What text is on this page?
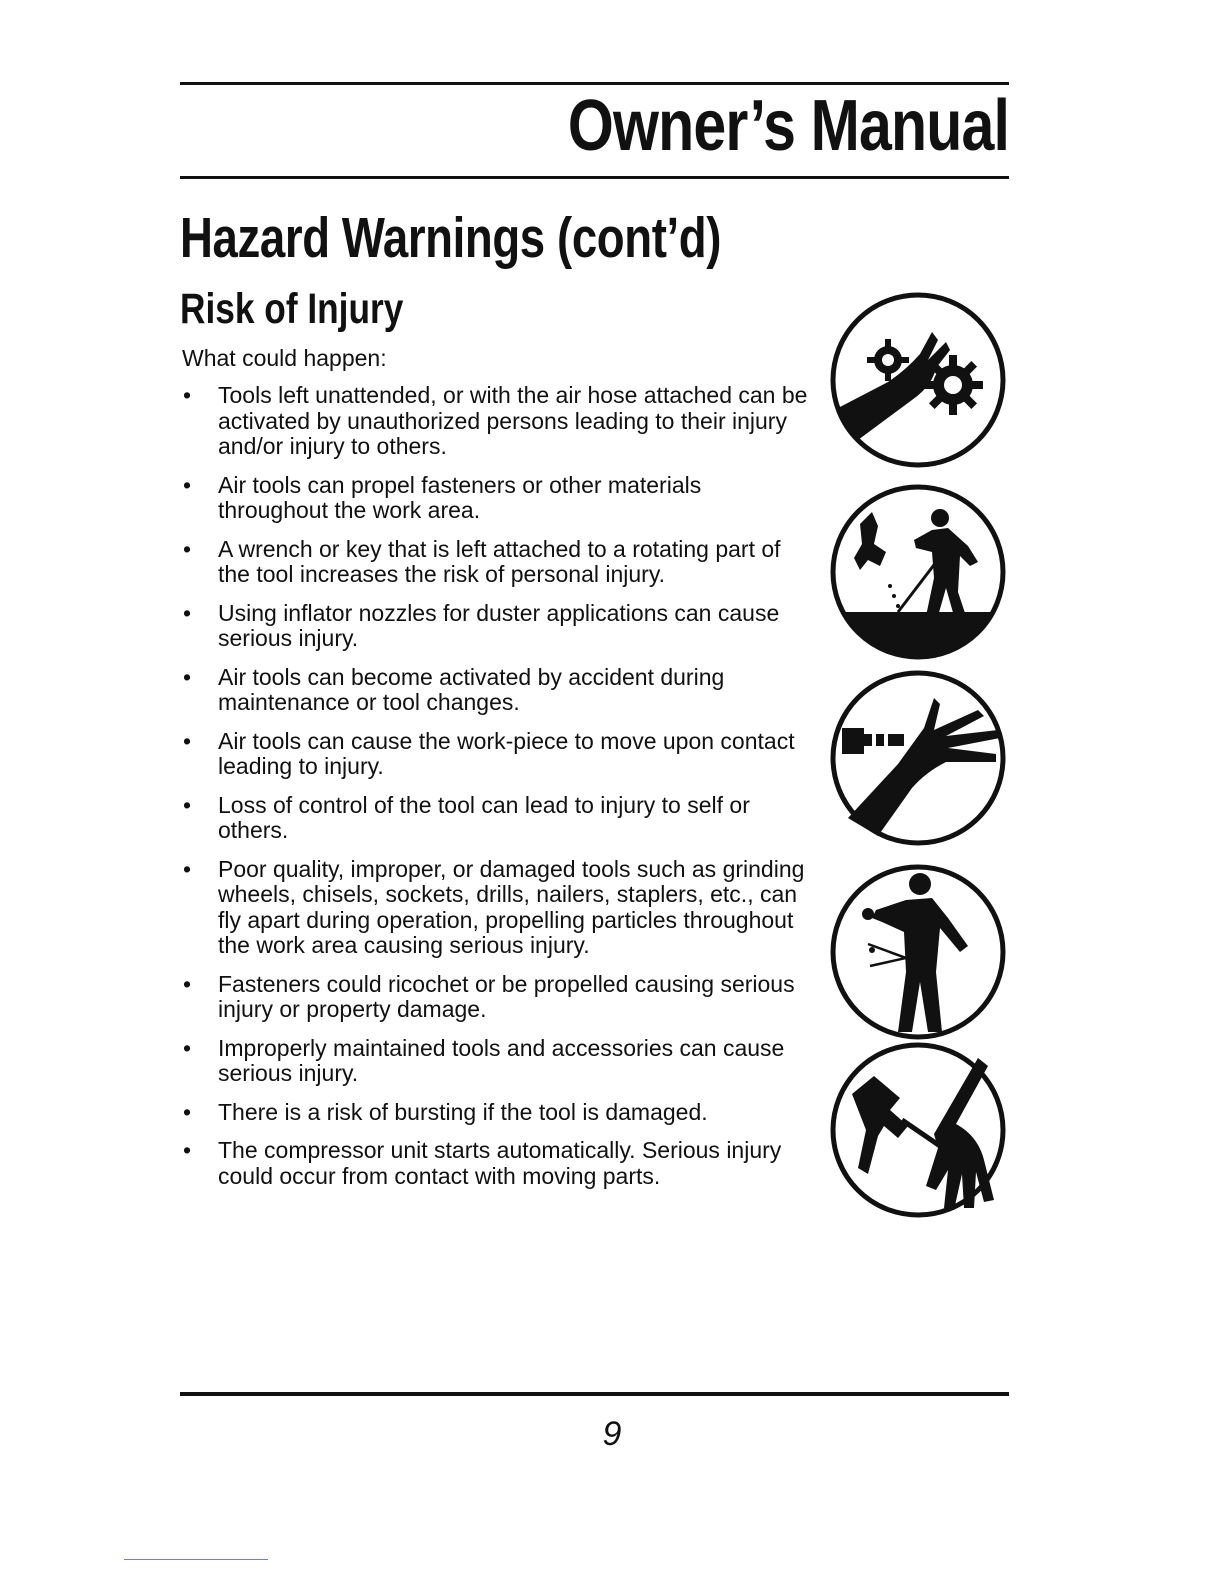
Owner’s Manual
Hazard Warnings (cont’d)
Risk of Injury
What could happen:
• Tools left unattended, or with the air hose attached can be activated by unauthorized persons leading to their injury and/or injury to others.
• Air tools can propel fasteners or other materials throughout the work area.
• A wrench or key that is left attached to a rotating part of the tool increases the risk of personal injury.
• Using inflator nozzles for duster applications can cause serious injury.
• Air tools can become activated by accident during maintenance or tool changes.
• Air tools can cause the work-piece to move upon contact leading to injury.
• Loss of control of the tool can lead to injury to self or others.
• Poor quality, improper, or damaged tools such as grinding wheels, chisels, sockets, drills, nailers, staplers, etc., can fly apart during operation, propelling particles throughout the work area causing serious injury.
• Fasteners could ricochet or be propelled causing serious injury or property damage.
• Improperly maintained tools and accessories can cause serious injury.
• There is a risk of bursting if the tool is damaged.
• The compressor unit starts automatically. Serious injury could occur from contact with moving parts.
9
